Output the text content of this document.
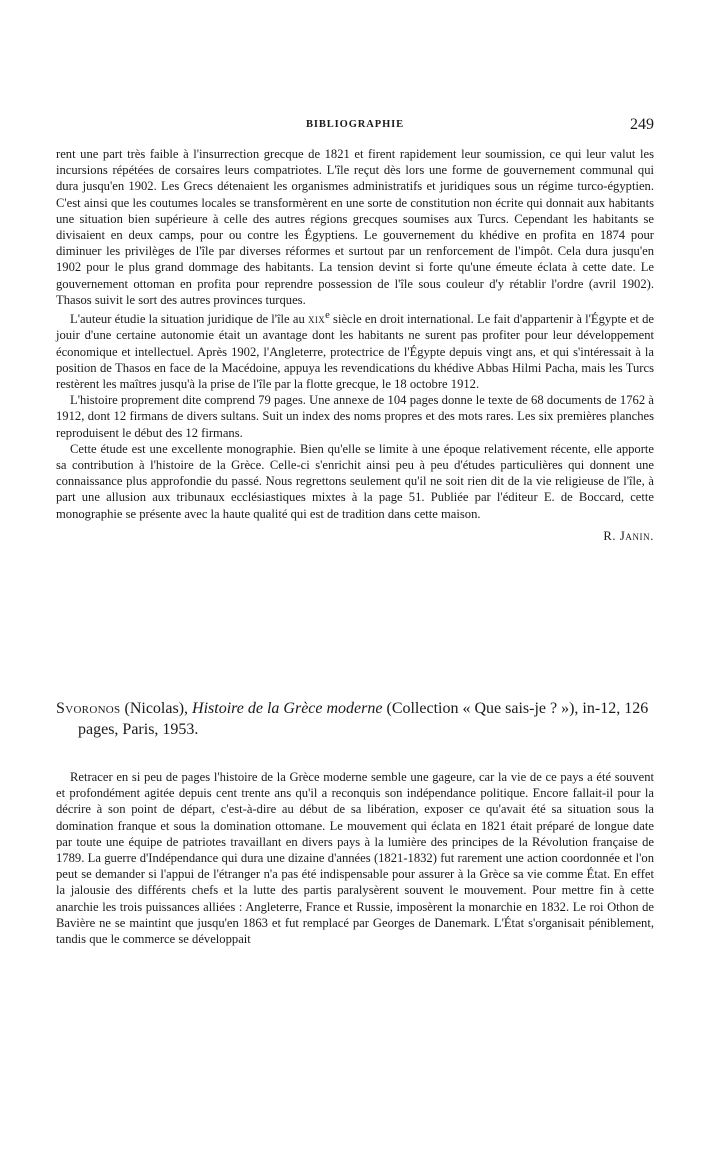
BIBLIOGRAPHIE	249

rent une part très faible à l'insurrection grecque de 1821 et firent rapidement leur soumission, ce qui leur valut les incursions répétées de corsaires leurs compatriotes. L'île reçut dès lors une forme de gouvernement communal qui dura jusqu'en 1902. Les Grecs détenaient les organismes administratifs et juridiques sous un régime turco-égyptien. C'est ainsi que les coutumes locales se transformèrent en une sorte de constitution non écrite qui donnait aux habitants une situation bien supérieure à celle des autres régions grecques soumises aux Turcs. Cependant les habitants se divisaient en deux camps, pour ou contre les Égyptiens. Le gouvernement du khédive en profita en 1874 pour diminuer les privilèges de l'île par diverses réformes et surtout par un renforcement de l'impôt. Cela dura jusqu'en 1902 pour le plus grand dommage des habitants. La tension devint si forte qu'une émeute éclata à cette date. Le gouvernement ottoman en profita pour reprendre possession de l'île sous couleur d'y rétablir l'ordre (avril 1902). Thasos suivit le sort des autres provinces turques.

L'auteur étudie la situation juridique de l'île au xix$^e$ siècle en droit international. Le fait d'appartenir à l'Égypte et de jouir d'une certaine autonomie était un avantage dont les habitants ne surent pas profiter pour leur développement économique et intellectuel. Après 1902, l'Angleterre, protectrice de l'Égypte depuis vingt ans, et qui s'intéressait à la position de Thasos en face de la Macédoine, appuya les revendications du khédive Abbas Hilmi Pacha, mais les Turcs restèrent les maîtres jusqu'à la prise de l'île par la flotte grecque, le 18 octobre 1912.

L'histoire proprement dite comprend 79 pages. Une annexe de 104 pages donne le texte de 68 documents de 1762 à 1912, dont 12 firmans de divers sultans. Suit un index des noms propres et des mots rares. Les six premières planches reproduisent le début des 12 firmans.

Cette étude est une excellente monographie. Bien qu'elle se limite à une époque relativement récente, elle apporte sa contribution à l'histoire de la Grèce. Celle-ci s'enrichit ainsi peu à peu d'études particulières qui donnent une connaissance plus approfondie du passé. Nous regrettons seulement qu'il ne soit rien dit de la vie religieuse de l'île, à part une allusion aux tribunaux ecclésiastiques mixtes à la page 51. Publiée par l'éditeur E. de Boccard, cette monographie se présente avec la haute qualité qui est de tradition dans cette maison.

R. Janin.

Svoronos (Nicolas), Histoire de la Grèce moderne (Collection « Que sais-je ? »), in-12, 126 pages, Paris, 1953.

Retracer en si peu de pages l'histoire de la Grèce moderne semble une gageure, car la vie de ce pays a été souvent et profondément agitée depuis cent trente ans qu'il a reconquis son indépendance politique. Encore fallait-il pour la décrire à son point de départ, c'est-à-dire au début de sa libération, exposer ce qu'avait été sa situation sous la domination franque et sous la domination ottomane. Le mouvement qui éclata en 1821 était préparé de longue date par toute une équipe de patriotes travaillant en divers pays à la lumière des principes de la Révolution française de 1789. La guerre d'Indépendance qui dura une dizaine d'années (1821-1832) fut rarement une action coordonnée et l'on peut se demander si l'appui de l'étranger n'a pas été indispensable pour assurer à la Grèce sa vie comme État. En effet la jalousie des différents chefs et la lutte des partis paralysèrent souvent le mouvement. Pour mettre fin à cette anarchie les trois puissances alliées : Angleterre, France et Russie, imposèrent la monarchie en 1832. Le roi Othon de Bavière ne se maintint que jusqu'en 1863 et fut remplacé par Georges de Danemark. L'État s'organisait péniblement, tandis que le commerce se développait
